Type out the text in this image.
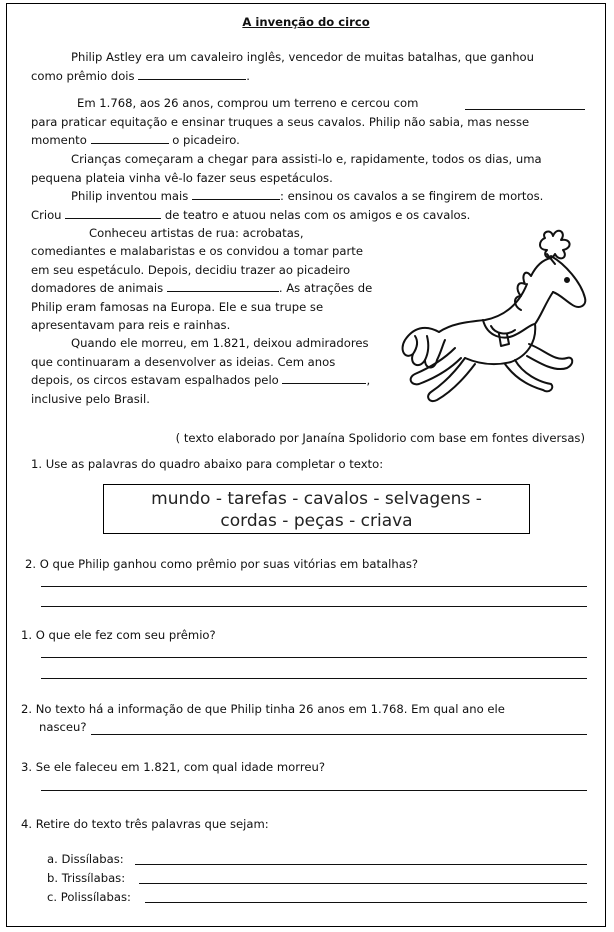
A invenção do circo
Philip Astley era um cavaleiro inglês, vencedor de muitas batalhas, que ganhou
como prêmio dois	.
Em 1.768, aos 26 anos, comprou um terreno e cercou com

para praticar equitação e ensinar truques a seus cavalos. Philip não sabia, mas nesse
momento	o picadeiro.
Crianças começaram a chegar para assisti-lo e, rapidamente, todos os dias, uma
pequena plateia vinha vê-lo fazer seus espetáculos.
Philip inventou mais	: ensinou os cavalos a se fingirem de mortos.
Criou	de teatro e atuou nelas com os amigos e os cavalos.
Conheceu artistas de rua: acrobatas,
comediantes e malabaristas e os convidou a tomar parte
em seu espetáculo. Depois, decidiu trazer ao picadeiro
domadores de animais	. As atrações de
Philip eram famosas na Europa. Ele e sua trupe se
apresentavam para reis e rainhas.
Quando ele morreu, em 1.821, deixou admiradores
que continuaram a desenvolver as ideias. Cem anos
depois, os circos estavam espalhados pelo	,
inclusive pelo Brasil.
( texto elaborado por Janaína Spolidorio com base em fontes diversas)
1. Use as palavras do quadro abaixo para completar o texto:
mundo - tarefas - cavalos - selvagens -
cordas - peças - criava
2. O que Philip ganhou como prêmio por suas vitórias em batalhas?
1. O que ele fez com seu prêmio?
2. No texto há a informação de que Philip tinha 26 anos em 1.768. Em qual ano ele
nasceu?
3. Se ele faleceu em 1.821, com qual idade morreu?
4. Retire do texto três palavras que sejam:
a. Dissílabas:
b. Trissílabas:
c. Polissílabas:
